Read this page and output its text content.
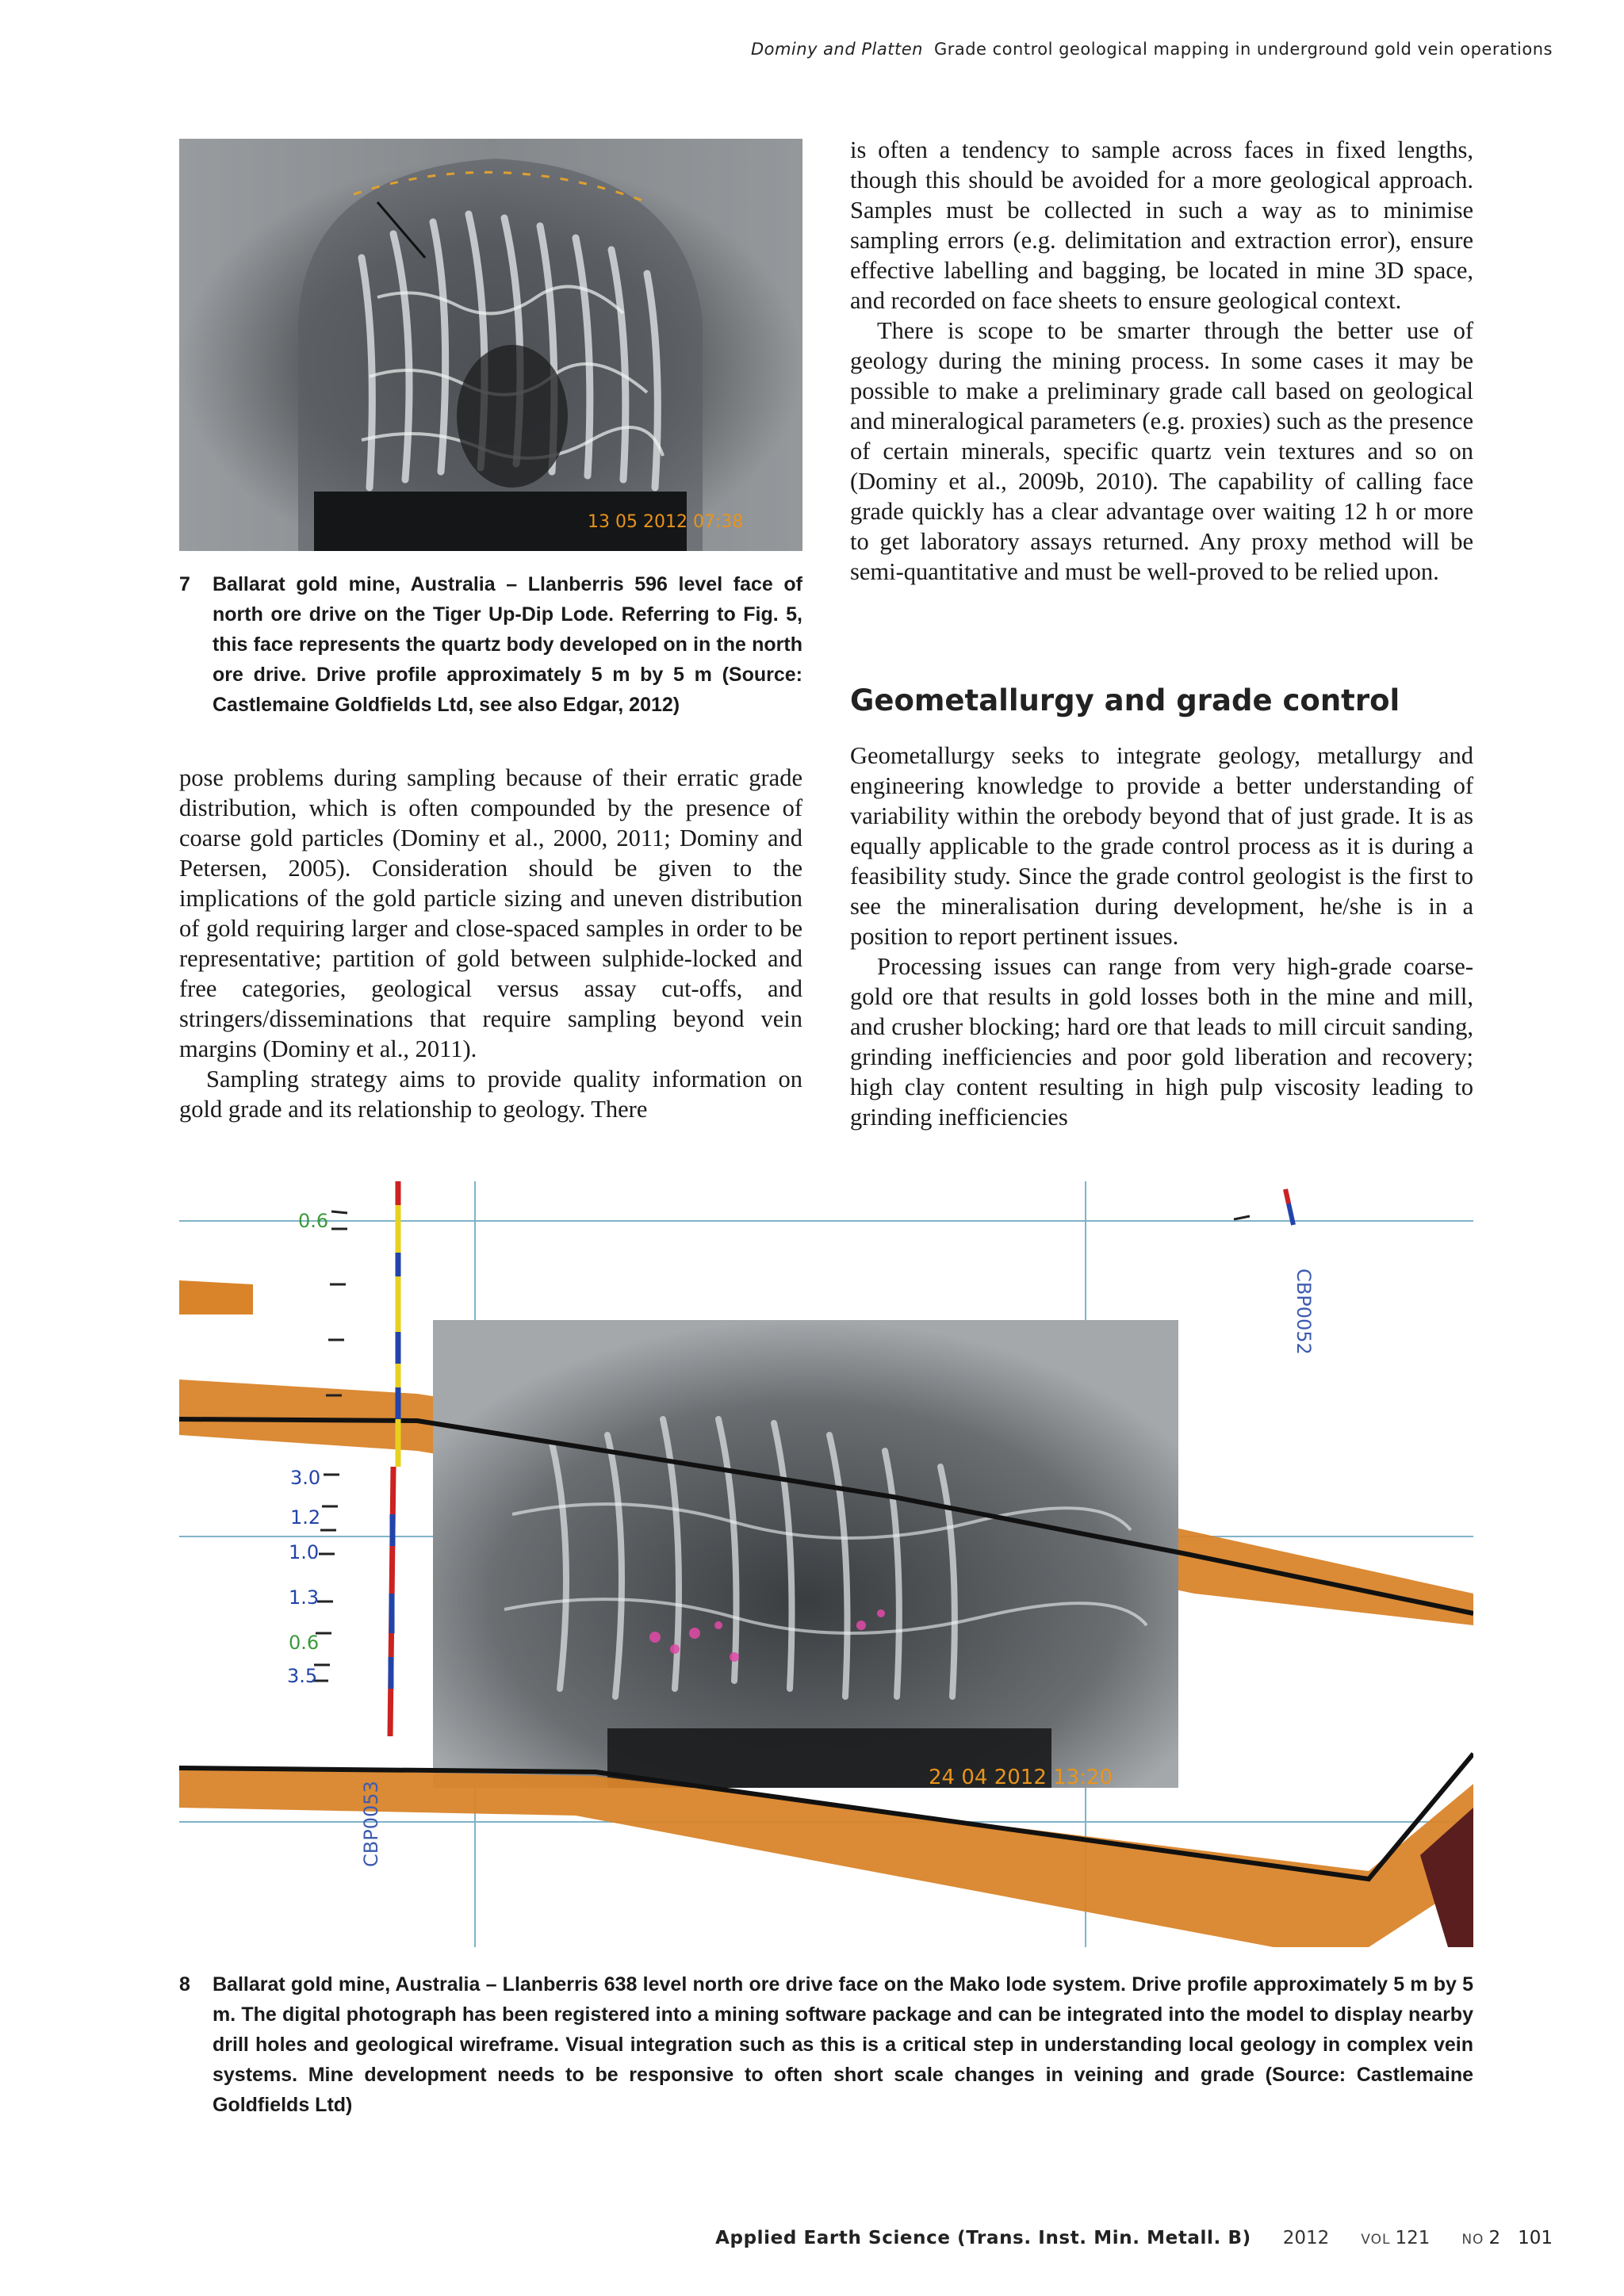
Dominy and Platten Grade control geological mapping in underground gold vein operations
13 05 2012 07:38

7 Ballarat gold mine, Australia – Llanberris 596 level face of north ore drive on the Tiger Up-Dip Lode. Referring to Fig. 5, this face represents the quartz body developed on in the north ore drive. Drive profile approximately 5 m by 5 m (Source: Castlemaine Goldfields Ltd, see also Edgar, 2012)

pose problems during sampling because of their erratic grade distribution, which is often compounded by the presence of coarse gold particles (Dominy et al., 2000, 2011; Dominy and Petersen, 2005). Consideration should be given to the implications of the gold particle sizing and uneven distribution of gold requiring larger and close-spaced samples in order to be representative; partition of gold between sulphide-locked and free categories, geological versus assay cut-offs, and stringers/disseminations that require sampling beyond vein margins (Dominy et al., 2011).

Sampling strategy aims to provide quality information on gold grade and its relationship to geology. There

is often a tendency to sample across faces in fixed lengths, though this should be avoided for a more geological approach. Samples must be collected in such a way as to minimise sampling errors (e.g. delimitation and extraction error), ensure effective labelling and bagging, be located in mine 3D space, and recorded on face sheets to ensure geological context.

There is scope to be smarter through the better use of geology during the mining process. In some cases it may be possible to make a preliminary grade call based on geological and mineralogical parameters (e.g. proxies) such as the presence of certain minerals, specific quartz vein textures and so on (Dominy et al., 2009b, 2010). The capability of calling face grade quickly has a clear advantage over waiting 12 h or more to get laboratory assays returned. Any proxy method will be semi-quantitative and must be well-proved to be relied upon.

Geometallurgy and grade control

Geometallurgy seeks to integrate geology, metallurgy and engineering knowledge to provide a better understanding of variability within the orebody beyond that of just grade. It is as equally applicable to the grade control process as it is during a feasibility study. Since the grade control geologist is the first to see the mineralisation during development, he/she is in a position to report pertinent issues.

Processing issues can range from very high-grade coarse-gold ore that results in gold losses both in the mine and mill, and crusher blocking; hard ore that leads to mill circuit sanding, grinding inefficiencies and poor gold liberation and recovery; high clay content resulting in high pulp viscosity leading to grinding inefficiencies

24 04 2012 13:20
0.6
3.0
1.2
1.0
1.3
0.6
3.5
CBP0053
CBP0052

8 Ballarat gold mine, Australia – Llanberris 638 level north ore drive face on the Mako lode system. Drive profile approximately 5 m by 5 m. The digital photograph has been registered into a mining software package and can be integrated into the model to display nearby drill holes and geological wireframe. Visual integration such as this is a critical step in understanding local geology in complex vein systems. Mine development needs to be responsive to often short scale changes in veining and grade (Source: Castlemaine Goldfields Ltd)

Applied Earth Science (Trans. Inst. Min. Metall. B) 2012 VOL 121 NO 2 101
